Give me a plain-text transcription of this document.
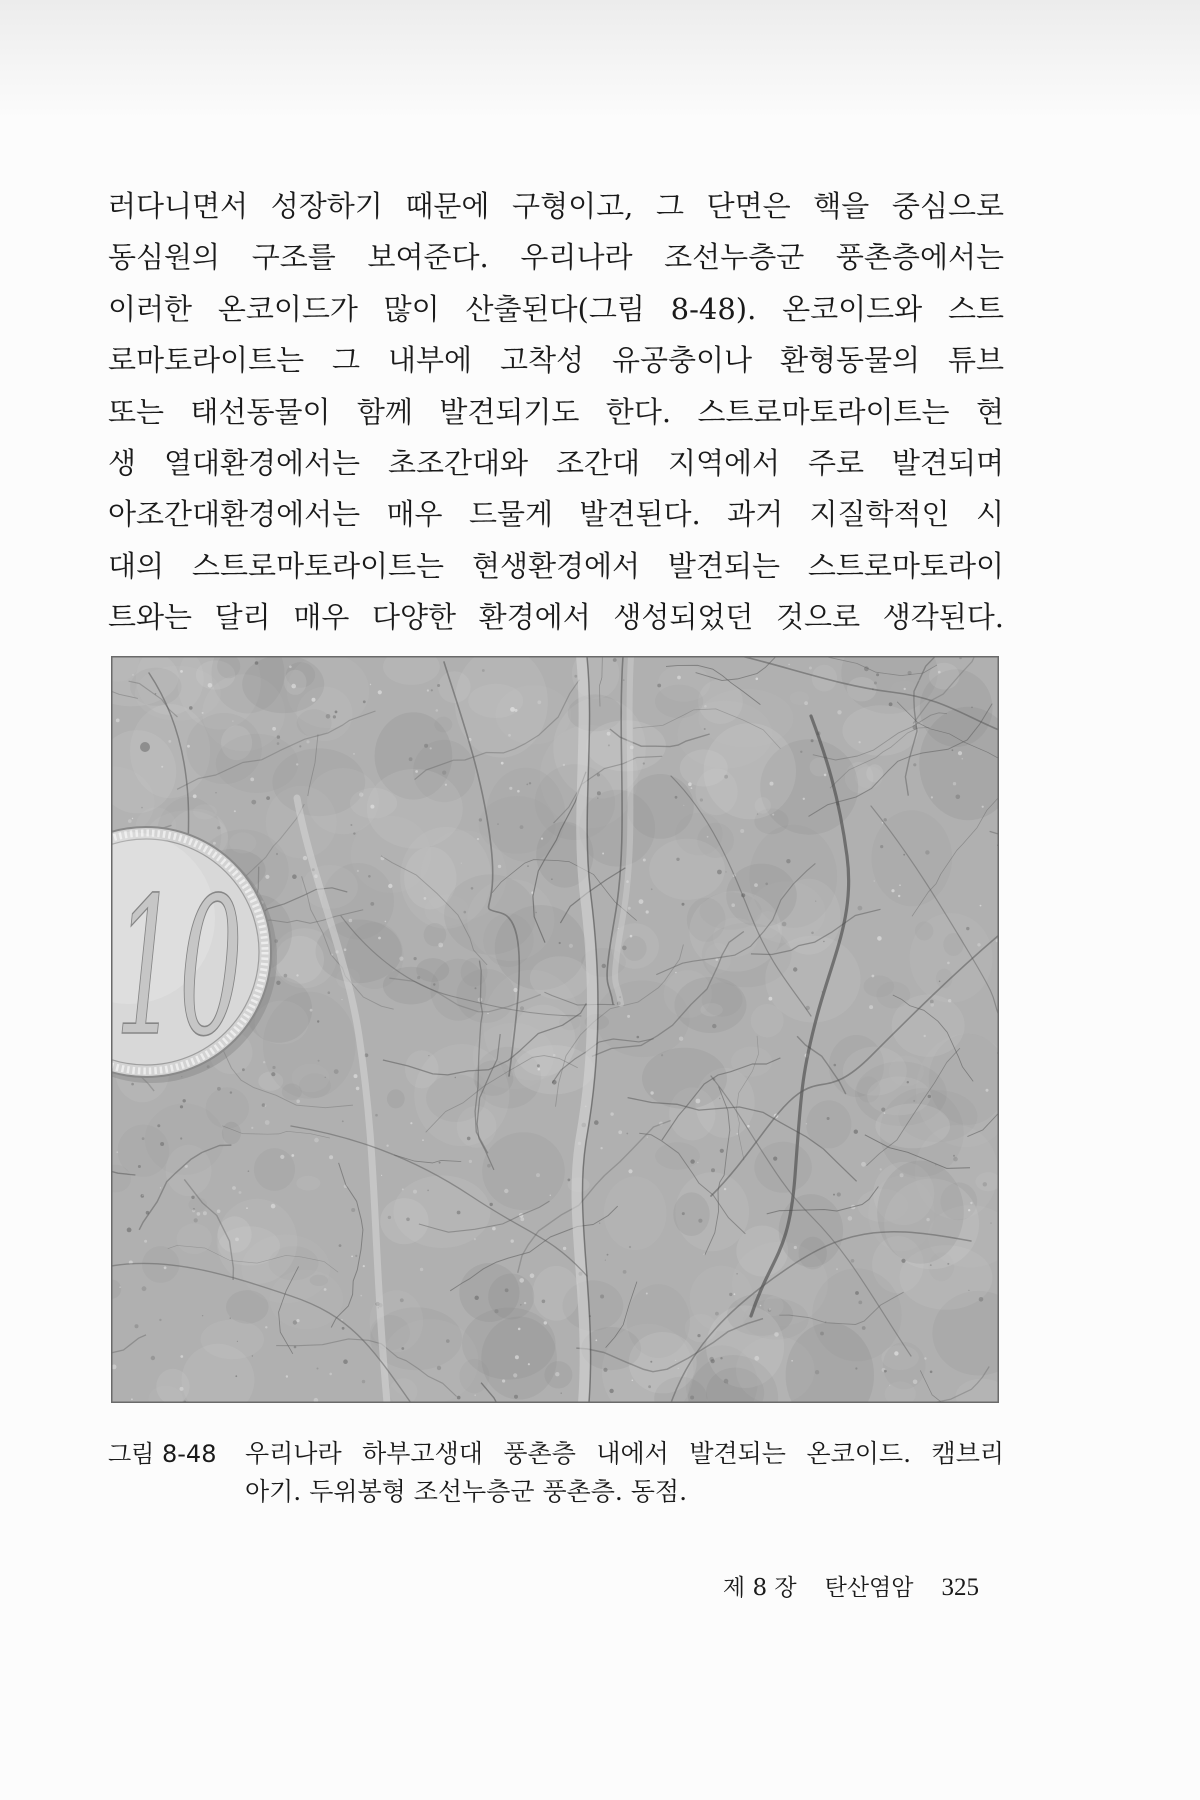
러다니면서 성장하기 때문에 구형이고, 그 단면은 핵을 중심으로
동심원의 구조를 보여준다. 우리나라 조선누층군 풍촌층에서는
이러한 온코이드가 많이 산출된다(그림 8-48). 온코이드와 스트
로마토라이트는 그 내부에 고착성 유공충이나 환형동물의 튜브
또는 태선동물이 함께 발견되기도 한다. 스트로마토라이트는 현
생 열대환경에서는 초조간대와 조간대 지역에서 주로 발견되며
아조간대환경에서는 매우 드물게 발견된다. 과거 지질학적인 시
대의 스트로마토라이트는 현생환경에서 발견되는 스트로마토라이
트와는 달리 매우 다양한 환경에서 생성되었던 것으로 생각된다.
10
그림 8-48 우리나라 하부고생대 풍촌층 내에서 발견되는 온코이드. 캠브리
아기. 두위봉형 조선누층군 풍촌층. 동점.
제 8 장 탄산염암 325
